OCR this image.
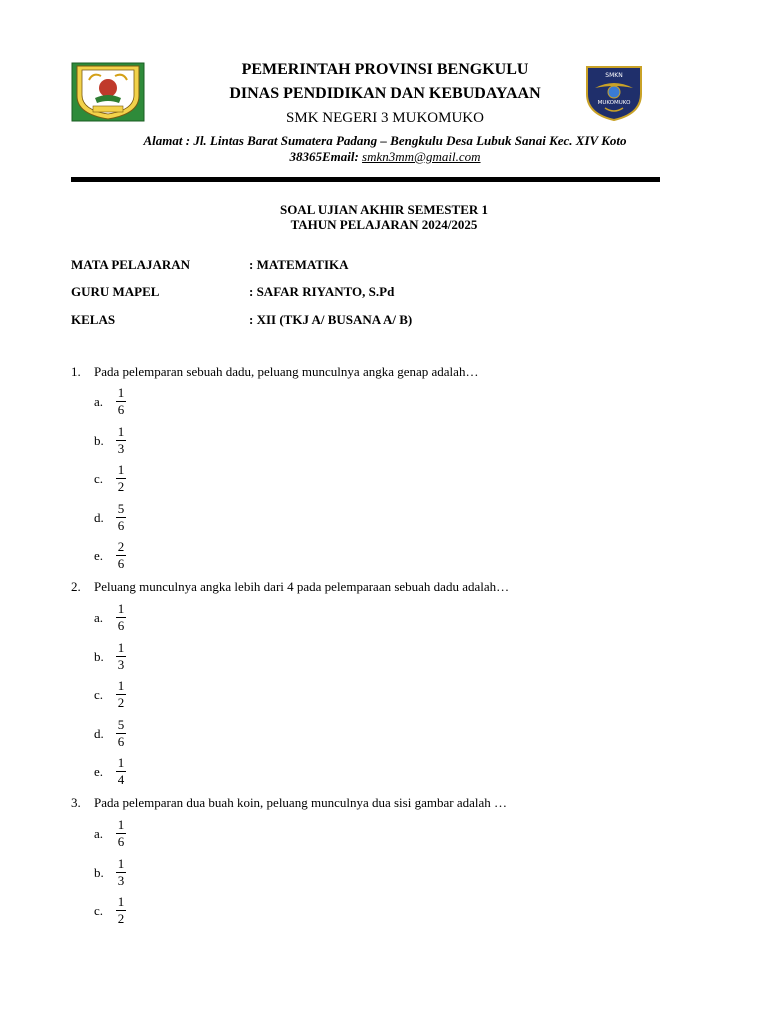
SMKN
MUKOMUKO
PEMERINTAH PROVINSI BENGKULU
DINAS PENDIDIKAN DAN KEBUDAYAAN
SMK NEGERI 3 MUKOMUKO
Alamat : Jl. Lintas Barat Sumatera Padang – Bengkulu Desa Lubuk Sanai Kec. XIV Koto
38365Email: smkn3mm@gmail.com
SOAL UJIAN AKHIR SEMESTER 1
TAHUN PELAJARAN 2024/2025
MATA PELAJARAN	: MATEMATIKA
GURU MAPEL	: SAFAR RIYANTO, S.Pd
KELAS	: XII (TKJ A/ BUSANA A/ B)
1. Pada pelemparan sebuah dadu, peluang munculnya angka genap adalah…
a. $\frac{1}{6}$
b. $\frac{1}{3}$
c. $\frac{1}{2}$
d. $\frac{5}{6}$
e. $\frac{2}{6}$
2. Peluang munculnya angka lebih dari 4 pada pelemparaan sebuah dadu adalah…
a. $\frac{1}{6}$
b. $\frac{1}{3}$
c. $\frac{1}{2}$
d. $\frac{5}{6}$
e. $\frac{1}{4}$
3. Pada pelemparan dua buah koin, peluang munculnya dua sisi gambar adalah …
a. $\frac{1}{6}$
b. $\frac{1}{3}$
c. $\frac{1}{2}$
